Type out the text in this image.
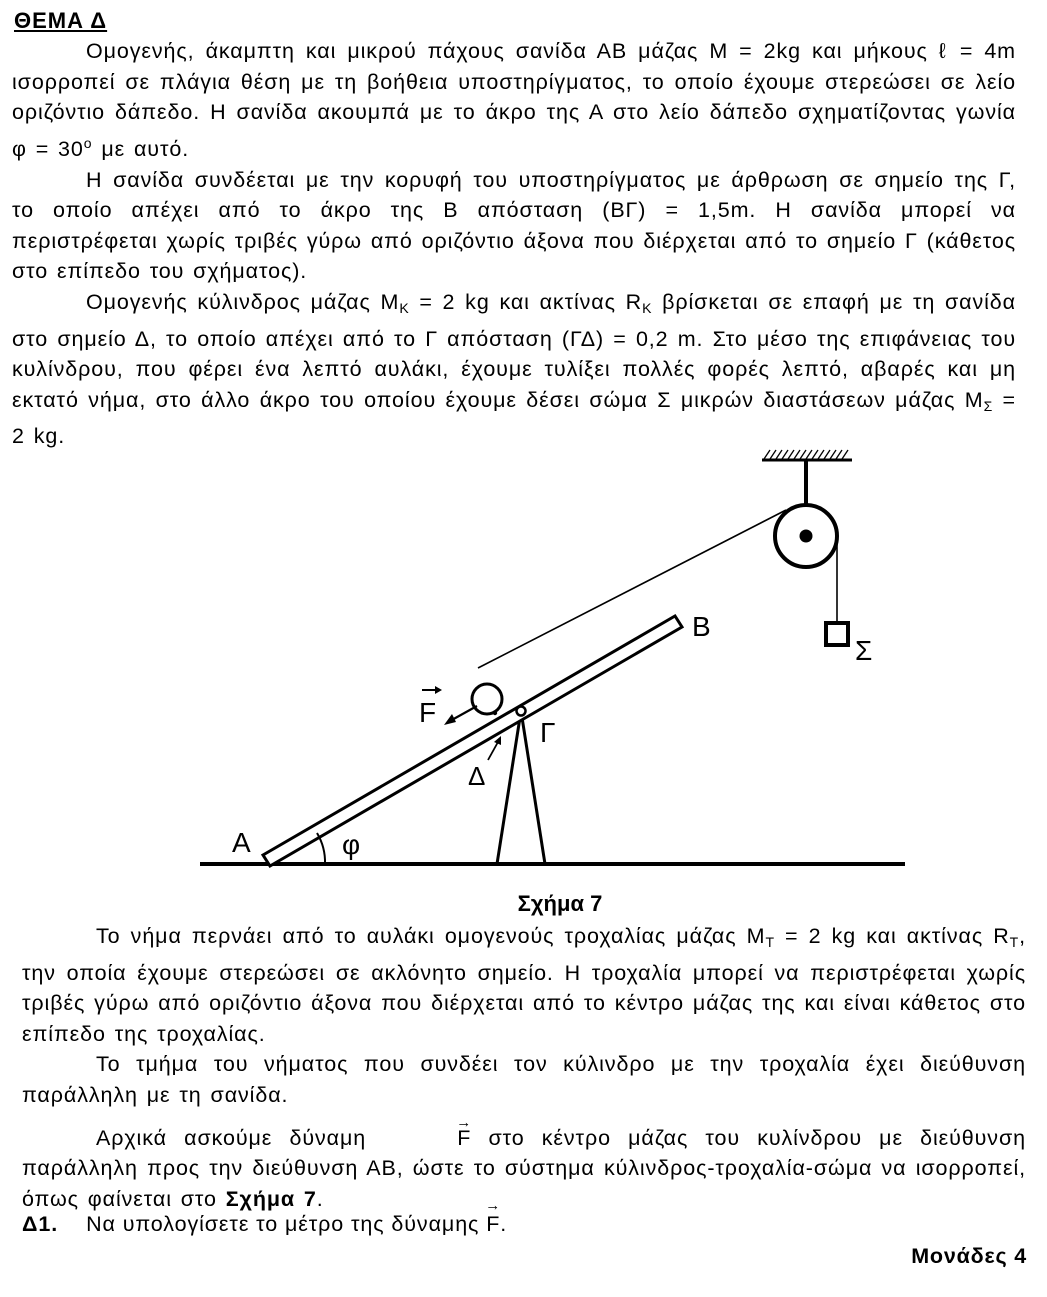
ΘΕΜΑ Δ

Ομογενής, άκαμπτη και μικρού πάχους σανίδα ΑΒ μάζας Μ = 2kg και μήκους ℓ = 4m ισορροπεί σε πλάγια θέση με τη βοήθεια υποστηρίγματος, το οποίο έχουμε στερεώσει σε λείο οριζόντιο δάπεδο. Η σανίδα ακουμπά με το άκρο της Α στο λείο δάπεδο σχηματίζοντας γωνία $\varphi = 30^o$ με αυτό.

Η σανίδα συνδέεται με την κορυφή του υποστηρίγματος με άρθρωση σε σημείο της Γ, το οποίο απέχει από το άκρο της Β απόσταση (ΒΓ) = 1,5m. Η σανίδα μπορεί να περιστρέφεται χωρίς τριβές γύρω από οριζόντιο άξονα που διέρχεται από το σημείο Γ (κάθετος στο επίπεδο του σχήματος).

Ομογενής κύλινδρος μάζας $M_K = 2$ kg και ακτίνας $R_K$ βρίσκεται σε επαφή με τη σανίδα στο σημείο Δ, το οποίο απέχει από το Γ απόσταση (ΓΔ) = 0,2 m. Στο μέσο της επιφάνειας του κυλίνδρου, που φέρει ένα λεπτό αυλάκι, έχουμε τυλίξει πολλές φορές λεπτό, αβαρές και μη εκτατό νήμα, στο άλλο άκρο του οποίου έχουμε δέσει σώμα Σ μικρών διαστάσεων μάζας $M_\Sigma = 2$ kg.

Σ
F
Δ
Γ
Β
Α	φ
Σχήμα 7

Το νήμα περνάει από το αυλάκι ομογενούς τροχαλίας μάζας $M_T = 2$ kg και ακτίνας $R_T$, την οποία έχουμε στερεώσει σε ακλόνητο σημείο. Η τροχαλία μπορεί να περιστρέφεται χωρίς τριβές γύρω από οριζόντιο άξονα που διέρχεται από το κέντρο μάζας της και είναι κάθετος στο επίπεδο της τροχαλίας.

Το τμήμα του νήματος που συνδέει τον κύλινδρο με την τροχαλία έχει διεύθυνση παράλληλη με τη σανίδα.

Αρχικά ασκούμε δύναμη →	F στο κέντρο μάζας του κυλίνδρου με διεύθυνση παράλληλη προς την διεύθυνση ΑΒ, ώστε το σύστημα κύλινδρος-τροχαλία-σώμα να ισορροπεί, όπως φαίνεται στο Σχήμα 7.

Δ1. Να υπολογίσετε το μέτρο της δύναμης → F.
Μονάδες 4
